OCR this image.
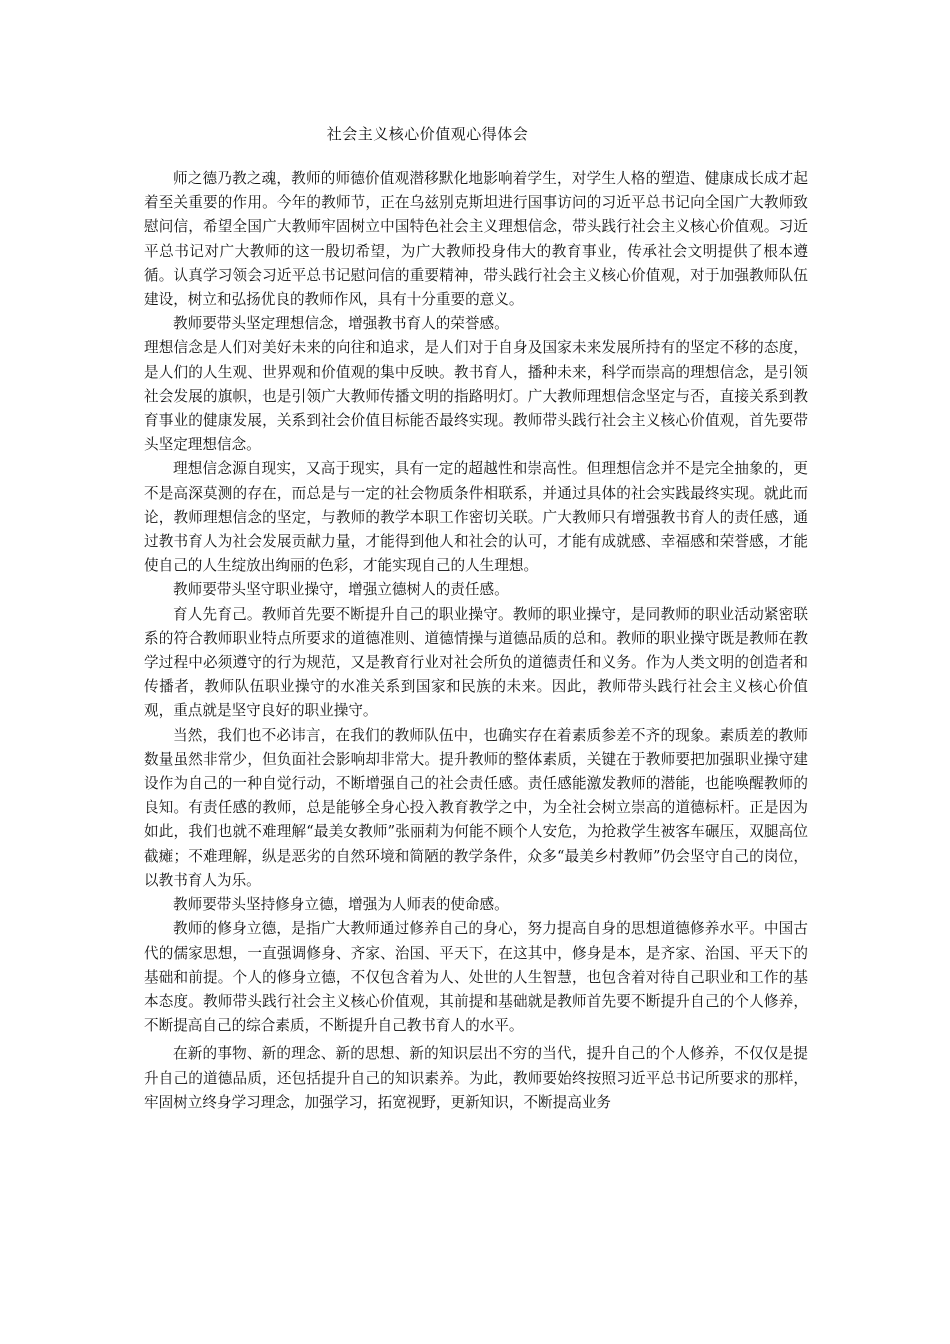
社会主义核心价值观心得体会

师之德乃教之魂，教师的师德价值观潜移默化地影响着学生，对学生人格的塑造、健康成长成才起着至关重要的作用。今年的教师节，正在乌兹别克斯坦进行国事访问的习近平总书记向全国广大教师致慰问信，希望全国广大教师牢固树立中国特色社会主义理想信念，带头践行社会主义核心价值观。习近平总书记对广大教师的这一殷切希望，为广大教师投身伟大的教育事业，传承社会文明提供了根本遵循。认真学习领会习近平总书记慰问信的重要精神，带头践行社会主义核心价值观，对于加强教师队伍建设，树立和弘扬优良的教师作风，具有十分重要的意义。

教师要带头坚定理想信念，增强教书育人的荣誉感。

理想信念是人们对美好未来的向往和追求，是人们对于自身及国家未来发展所持有的坚定不移的态度，是人们的人生观、世界观和价值观的集中反映。教书育人，播种未来，科学而崇高的理想信念，是引领社会发展的旗帜，也是引领广大教师传播文明的指路明灯。广大教师理想信念坚定与否，直接关系到教育事业的健康发展，关系到社会价值目标能否最终实现。教师带头践行社会主义核心价值观，首先要带头坚定理想信念。

理想信念源自现实，又高于现实，具有一定的超越性和崇高性。但理想信念并不是完全抽象的，更不是高深莫测的存在，而总是与一定的社会物质条件相联系，并通过具体的社会实践最终实现。就此而论，教师理想信念的坚定，与教师的教学本职工作密切关联。广大教师只有增强教书育人的责任感，通过教书育人为社会发展贡献力量，才能得到他人和社会的认可，才能有成就感、幸福感和荣誉感，才能使自己的人生绽放出绚丽的色彩，才能实现自己的人生理想。

教师要带头坚守职业操守，增强立德树人的责任感。

育人先育己。教师首先要不断提升自己的职业操守。教师的职业操守，是同教师的职业活动紧密联系的符合教师职业特点所要求的道德准则、道德情操与道德品质的总和。教师的职业操守既是教师在教学过程中必须遵守的行为规范，又是教育行业对社会所负的道德责任和义务。作为人类文明的创造者和传播者，教师队伍职业操守的水准关系到国家和民族的未来。因此，教师带头践行社会主义核心价值观，重点就是坚守良好的职业操守。

当然，我们也不必讳言，在我们的教师队伍中，也确实存在着素质参差不齐的现象。素质差的教师数量虽然非常少，但负面社会影响却非常大。提升教师的整体素质，关键在于教师要把加强职业操守建设作为自己的一种自觉行动，不断增强自己的社会责任感。责任感能激发教师的潜能，也能唤醒教师的良知。有责任感的教师，总是能够全身心投入教育教学之中，为全社会树立崇高的道德标杆。正是因为如此，我们也就不难理解“最美女教师”张丽莉为何能不顾个人安危，为抢救学生被客车碾压，双腿高位截瘫；不难理解，纵是恶劣的自然环境和简陋的教学条件，众多“最美乡村教师”仍会坚守自己的岗位，以教书育人为乐。

教师要带头坚持修身立德，增强为人师表的使命感。

教师的修身立德，是指广大教师通过修养自己的身心，努力提高自身的思想道德修养水平。中国古代的儒家思想，一直强调修身、齐家、治国、平天下，在这其中，修身是本，是齐家、治国、平天下的基础和前提。个人的修身立德，不仅包含着为人、处世的人生智慧，也包含着对待自己职业和工作的基本态度。教师带头践行社会主义核心价值观，其前提和基础就是教师首先要不断提升自己的个人修养，不断提高自己的综合素质，不断提升自己教书育人的水平。

在新的事物、新的理念、新的思想、新的知识层出不穷的当代，提升自己的个人修养，不仅仅是提升自己的道德品质，还包括提升自己的知识素养。为此，教师要始终按照习近平总书记所要求的那样，牢固树立终身学习理念，加强学习，拓宽视野，更新知识，不断提高业务
